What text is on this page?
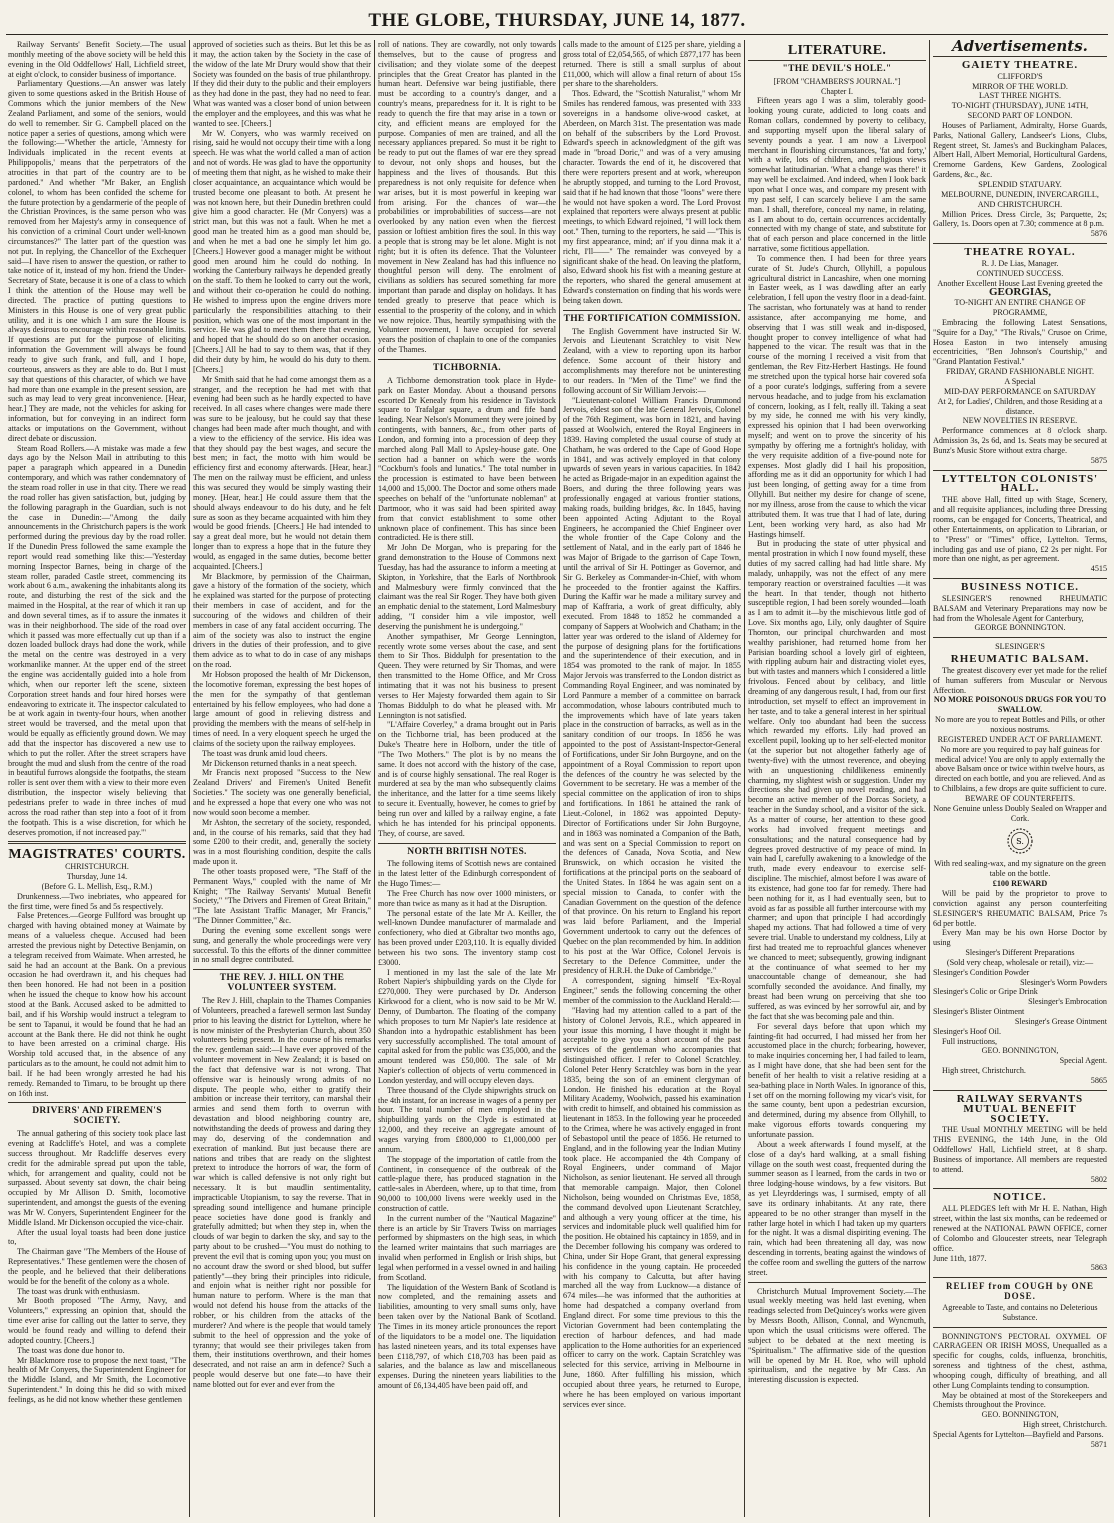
THE GLOBE, THURSDAY, JUNE 14, 1877.

Railway Servants' Benefit Society.—The usual monthly meeting of the above society will be held this evening in the Old Oddfellows' Hall, Lichfield street, at eight o'clock, to consider business of importance.

Parliamentary Questions.—An answer was lately given to some questions asked in the British House of Commons which the junior members of the New Zealand Parliament, and some of the seniors, would do well to remember. Sir G. Campbell placed on the notice paper a series of questions, among which were the following:—"Whether the article, 'Amnesty for Individuals implicated in the recent events at Philippopolis,' means that the perpetrators of the atrocities in that part of the country are to be pardoned." And whether "Mr Baker, an English colonel, to whom has been confided the scheme for the future protection by a gendarmerie of the people of the Christian Provinces, is the same person who was removed from her Majesty's army in consequence of his conviction of a criminal Court under well-known circumstances?" The latter part of the question was not put. In replying, the Chancellor of the Exchequer said—I have risen to answer the question, or rather to take notice of it, instead of my hon. friend the Under-Secretary of State, because it is one of a class to which I think the attention of the House may well be directed. The practice of putting questions to Ministers in this House is one of very great public utility, and it is one which I am sure the House is always desirous to encourage within reasonable limits. If questions are put for the purpose of eliciting information the Government will always be found ready to give such frank, and full, and I hope, courteous, answers as they are able to do. But I must say that questions of this character, of which we have had more than one example in the present session, are such as may lead to very great inconvenience. [Hear, hear.] They are made, not the vehicles for asking for information, but for conveying in an indirect form attacks or imputations on the Government, without direct debate or discussion.

Steam Road Rollers.—A mistake was made a few days ago by the Nelson Mail in attributing to this paper a paragraph which appeared in a Dunedin contemporary, and which was rather condemnatory of the steam road roller in use in that city. There we read the road roller has given satisfaction, but, judging by the following paragraph in the Guardian, such is not the case in Dunedin:—"Among the daily announcements in the Christchurch papers is the work performed during the previous day by the road roller. If the Dunedin Press followed the same example the report would read something like this:—'Yesterday morning Inspector Barnes, being in charge of the steam roller, paraded Castle street, commencing its work about 6 a.m., awakening the inhabitants along its route, and disturbing the rest of the sick and the maimed in the Hospital, at the rear of which it ran up and down several times, as if to assure the inmates it was in their neighborhood. The side of the road over which it passed was more effectually cut up than if a dozen loaded bullock drays had done the work, while the metal on the centre was destroyed in a very workmanlike manner. At the upper end of the street the engine was accidentally guided into a hole from which, when our reporter left the scene, sixteen Corporation street hands and four hired horses were endeavoring to extricate it. The inspector calculated to be at work again in twenty-four hours, when another street would be traversed, and the metal upon that would be equally as efficiently ground down. We may add that the inspector has discovered a new use to which to put the roller. After the street scrapers have brought the mud and slush from the centre of the road in beautiful furrows alongside the footpaths, the steam roller is sent over them with a view to their more even distribution, the inspector wisely believing that pedestrians prefer to wade in three inches of mud across the road rather than step into a foot of it from the footpath. This is a wise discretion, for which he deserves promotion, if not increased pay.'"

MAGISTRATES' COURTS.
CHRISTCHURCH.
Thursday, June 14.
(Before G. L. Mellish, Esq., R.M.)

Drunkenness.—Two inebriates, who appeared for the first time, were fined 5s and 5s respectively.

False Pretences.—George Fullford was brought up charged with having obtained money at Waimate by means of a valueless cheque. Accused had been arrested the previous night by Detective Benjamin, on a telegram received from Waimate. When arrested, he said he had an account at the Bank. On a previous occasion he had overdrawn it, and his cheques had then been honored. He had not been in a position when he issued the cheque to know how his account stood at the Bank. Accused asked to be admitted to bail, and if his Worship would instruct a telegram to be sent to Tapanui, it would be found that he had an account at the Bank there. He did not think he ought to have been arrested on a criminal charge. His Worship told accused that, in the absence of any particulars as to the amount, he could not admit him to bail. If he had been wrongly arrested he had his remedy. Remanded to Timaru, to be brought up there on 16th inst.

DRIVERS' AND FIREMEN'S SOCIETY.

The annual gathering of this society took place last evening at Radcliffe's Hotel, and was a complete success throughout. Mr Radcliffe deserves every credit for the admirable spread put upon the table, which, for arrangement and quality, could not be surpassed. About seventy sat down, the chair being occupied by Mr Allison D. Smith, locomotive superintendent, and amongst the guests of the evening was Mr W. Conyers, Superintendent Engineer for the Middle Island. Mr Dickenson occupied the vice-chair.

After the usual loyal toasts had been done justice to,

The Chairman gave "The Members of the House of Representatives." These gentlemen were the chosen of the people, and he believed that their deliberations would be for the benefit of the colony as a whole.

The toast was drunk with enthusiasm.

Mr Booth proposed "The Army, Navy, and Volunteers," expressing an opinion that, should the time ever arise for calling out the latter to serve, they would be found ready and willing to defend their adopted country. [Cheers.]

The toast was done due honor to.

Mr Blackmore rose to propose the next toast, "The health of Mr Conyers, the Superintendent Engineer for the Middle Island, and Mr Smith, the Locomotive Superintendent." In doing this he did so with mixed feelings, as he did not know whether these gentlemen

approved of societies such as theirs. But let this be as it may, the action taken by the Society in the case of the widow of the late Mr Drury would show that their Society was founded on the basis of true philanthropy. If they did their duty to the public and their employers as they had done in the past, they had no need to fear. What was wanted was a closer bond of union between the employer and the employees, and this was what he wanted to see. [Cheers.]

Mr W. Conyers, who was warmly received on rising, said he would not occupy their time with a long speech. He was what the world called a man of action and not of words. He was glad to have the opportunity of meeting them that night, as he wished to make their closer acquaintance, an acquaintance which would be trusted become one pleasant to both. At present he was not known here, but their Dunedin brethren could give him a good character. He (Mr Conyers) was a strict man, but this was not a fault. When he met a good man he treated him as a good man should be, and when he met a bad one he simply let him go. [Cheers.] However good a manager might be without good men around him he could do nothing. In working the Canterbury railways he depended greatly on the staff. To them he looked to carry out the work, and without their co-operation he could do nothing. He wished to impress upon the engine drivers more particularly the responsibilities attaching to their position, which was one of the most important in the service. He was glad to meet them there that evening, and hoped that he should do so on another occasion. [Cheers.] All he had to say to them was, that if they did their duty by him, he would do his duty to them. [Cheers.]

Mr Smith said that he had come amongst them as a stranger, and the reception he had met with that evening had been such as he hardly expected to have received. In all cases where changes were made there was sure to be jealousy, but he could say that these changes had been made after much thought, and with a view to the efficiency of the service. His idea was that they should pay the best wages, and secure the best men; in fact, the motto with him would be efficiency first and economy afterwards. [Hear, hear.] The men on the railway must be efficient, and unless this was secured they would be simply wasting their money. [Hear, hear.] He could assure them that the should always endeavour to do his duty, and he felt sure as soon as they became acquainted with him they would be good friends. [Cheers.] He had intended to say a great deal more, but he would not detain them longer than to express a hope that in the future they would, as engaged in the same duties, become better acquainted. [Cheers.]

Mr Blackmore, by permission of the Chairman, gave a history of the formation of the society, which he explained was started for the purpose of protecting their members in case of accident, and for the succouring of the widows and children of their members in case of any fatal accident occurring. The aim of the society was also to instruct the engine drivers in the duties of their profession, and to give them advice as to what to do in case of any mishaps on the road.

Mr Hobson proposed the health of Mr Dickenson, the locomotive foreman, expressing the best hopes of the men for the sympathy of that gentleman entertained by his fellow employees, who had done a large amount of good in relieving distress and providing the members with the means of self-help in times of need. In a very eloquent speech he urged the claims of the society upon the railway employees.

The toast was drunk amid loud cheers.

Mr Dickenson returned thanks in a neat speech.

Mr Francis next proposed "Success to the New Zealand Drivers' and Firemen's United Benefit Societies." The society was one generally beneficial, and he expressed a hope that every one who was not now would soon become a member.

Mr Ashton, the secretary of the society, responded, and, in the course of his remarks, said that they had some £200 to their credit, and, generally the society was in a most flourishing condition, despite the calls made upon it.

The other toasts proposed were, "The Staff of the Permanent Ways," coupled with the name of Mr Knight; "The Railway Servants' Mutual Benefit Society," "The Drivers and Firemen of Great Britain," "The late Assistant Traffic Manager, Mr Francis," "The Dinner Committee," &c.

During the evening some excellent songs were sung, and generally the whole proceedings were very successful. To this the efforts of the dinner committee in no small degree contributed.

THE REV. J. HILL ON THE VOLUNTEER SYSTEM.

The Rev J. Hill, chaplain to the Thames Companies of Volunteers, preached a farewell sermon last Sunday prior to his leaving the district for Lyttelton, where he is now minister of the Presbyterian Church, about 350 volunteers being present. In the course of his remarks the rev. gentleman said:—I have ever approved of the volunteer movement in New Zealand; it is based on the fact that defensive war is not wrong. That offensive war is heinously wrong admits of no dispute. The people who, either to gratify their ambition or increase their territory, can marshal their armies and send them forth to overrun with devastation and blood neighboring country are, notwithstanding the deeds of prowess and daring they may do, deserving of the condemnation and execration of mankind. But just because there are nations and tribes that are ready on the slightest pretext to introduce the horrors of war, the form of war which is called defensive is not only right but necessary. It is but maudlin sentimentality, impracticable Utopianism, to say the reverse. That in spreading sound intelligence and humane principle peace societies have done good is frankly and gratefully admitted; but when they step in, when the clouds of war begin to darken the sky, and say to the party about to be crushed—"You must do nothing to prevent the evil that is coming upon you; you must on no account draw the sword or shed blood, but suffer patiently"—they bring their principles into ridicule, and enjoin what is neither right nor possible for human nature to perform. Where is the man that would not defend his house from the attacks of the robber, or his children from the attacks of the murderer? And where is the people that would tamely submit to the heel of oppression and the yoke of tyranny; that would see their privileges taken from them, their institutions overthrown, and their homes desecrated, and not raise an arm in defence? Such a people would deserve but one fate—to have their name blotted out for ever and ever from the

roll of nations. They are cowardly, not only towards themselves, but to the cause of progress and civilisation; and they violate some of the deepest principles that the Great Creator has planted in the human heart. Defensive war being justifiable, there must be according to a country's danger, and a country's means, preparedness for it. It is right to be ready to quench the fire that may arise in a town or city, and efficient means are employed for the purpose. Companies of men are trained, and all the necessary appliances prepared. So must it be right to be ready to put out the flames of war ere they spread to devour, not only shops and houses, but the happiness and the lives of thousands. But this preparedness is not only requisite for defence when war arises, but it is most powerful in keeping war from arising. For the chances of war—the probabilities or improbabilities of success—are not overlooked by any nation even when the fiercest passion or loftiest ambition fires the soul. In this way a people that is strong may be let alone. Might is not right; but it is often its defence. That the Volunteer movement in New Zealand has had this influence no thoughtful person will deny. The enrolment of civilians as soldiers has secured something far more important than parade and display on holidays. It has tended greatly to preserve that peace which is essential to the prosperity of the colony, and in which we now rejoice. Thus, heartily sympathising with the Volunteer movement, I have occupied for several years the position of chaplain to one of the companies of the Thames.

TICHBORNIA.

A Tichborne demonstration took place in Hyde-park on Easter Monday. About a thousand persons escorted Dr Kenealy from his residence in Tavistock square to Trafalgar square, a drum and fife band leading. Near Nelson's Monument they were joined by contingents, with banners, &c., from other parts of London, and forming into a procession of deep they marched along Pall Mall to Apsley-house gate. One section had a banner on which were the words "Cockburn's fools and lunatics." The total number in the procession is estimated to have been between 14,000 and 15,000. The Doctor and some others made speeches on behalf of the "unfortunate nobleman" at Dartmoor, who it was said had been spirited away from that convict establishment to some other unknown place of confinement. This has since been contradicted. He is there still.

Mr John De Morgan, who is preparing for the grand demonstration to the House of Commons next Tuesday, has had the assurance to inform a meeting at Skipton, in Yorkshire, that the Earls of Northbrook and Malmesbury were firmly convinced that the claimant was the real Sir Roger. They have both given an emphatic denial to the statement, Lord Malmesbury adding, "I consider him a vile impostor, well deserving the punishment he is undergoing."

Another sympathiser, Mr George Lennington, recently wrote some verses about the case, and sent them to Sir Thos. Biddulph for presentation to the Queen. They were returned by Sir Thomas, and were then transmitted to the Home Office, and Mr Cross intimating that it was not his business to present verses to Her Majesty forwarded them again to Sir Thomas Biddulph to do what he pleased with. Mr Lennington is not satisfied.

"L'Affaire Coverley," a drama brought out in Paris on the Tichborne trial, has been produced at the Duke's Theatre here in Holborn, under the title of "The Two Mothers." The plot is by no means the same. It does not accord with the history of the case, and is of course highly sensational. The real Roger is murdered at sea by the man who subsequently claims the inheritance, and the latter for a time seems likely to secure it. Eventually, however, he comes to grief by being run over and killed by a railway engine, a fate which he has intended for his principal opponents. They, of course, are saved.

NORTH BRITISH NOTES.

The following items of Scottish news are contained in the latest letter of the Edinburgh correspondent of the Hugo Times:—

The Free Church has now over 1000 ministers, or more than twice as many as it had at the Disruption.

The personal estate of the late Mr A. Keiller, the well-known Dundee manufacturer of marmalade and confectionery, who died at Gibraltar two months ago, has been proved under £203,110. It is equally divided between his two sons. The inventory stamp cost £3000.

I mentioned in my last the sale of the late Mr Robert Napier's shipbuilding yards on the Clyde for £270,000. They were purchased by Dr. Anderson Kirkwood for a client, who is now said to be Mr W. Denny, of Dumbarton. The floating of the company which proposes to turn Mr Napier's late residence at Shandon into a hydropathic establishment has been very successfully accomplished. The total amount of capital asked for from the public was £35,000, and the amount tendered was £50,000. The sale of Mr Napier's collection of objects of vertu commenced in London yesterday, and will occupy eleven days.

Three thousand of the Clyde shipwrights struck on the 4th instant, for an increase in wages of a penny per hour. The total number of men employed in the shipbuilding yards on the Clyde is estimated at 12,000, and they receive an aggregate amount of wages varying from £800,000 to £1,000,000 per annum.

The stoppage of the importation of cattle from the Continent, in consequence of the outbreak of the cattle-plague there, has produced stagnation in the cattle-sales in Aberdeen, where, up to that time, from 90,000 to 100,000 livens were weekly used in the construction of cattle.

In the current number of the "Nautical Magazine" there is an article by Sir Travers Twiss on marriages performed by shipmasters on the high seas, in which the learned writer maintains that such marriages are invalid when performed in English or Irish ships, but legal when performed in a vessel owned in and hailing from Scotland.

The liquidation of the Western Bank of Scotland is now completed, and the remaining assets and liabilities, amounting to very small sums only, have been taken over by the National Bank of Scotland. The Times in its money article pronounces the report of the liquidators to be a model one. The liquidation has lasted nineteen years, and its total expenses have been £118,797, of which £18,703 has been paid as salaries, and the balance as law and miscellaneous expenses. During the nineteen years liabilities to the amount of £6,134,405 have been paid off, and

calls made to the amount of £125 per share, yielding a gross total of £2,054,565, of which £877,177 has been returned. There is still a small surplus of about £11,000, which will allow a final return of about 15s per share to the shareholders.

Thos. Edward, the "Scottish Naturalist," whom Mr Smiles has rendered famous, was presented with 333 sovereigns in a handsome olive-wood casket, at Aberdeen, on March 31st. The presentation was made on behalf of the subscribers by the Lord Provost. Edward's speech in acknowledgment of the gift was made in "broad Doric," and was of a very amusing character. Towards the end of it, he discovered that there were reporters present and at work, whereupon he abruptly stopped, and turning to the Lord Provost, said that if he had known that those "loons" were there he would not have spoken a word. The Lord Provost explained that reporters were always present at public meetings, to which Edward rejoined, "I will lock them oot." Then, turning to the reporters, he said —"This is my first appearance, mind; an' if you dinna mak it a' richt, I'll——" The remainder was conveyed by a significant shake of the head. On leaving the platform, also, Edward shook his fist with a meaning gesture at the reporters, who shared the general amusement at Edward's consternation on finding that his words were being taken down.

THE FORTIFICATION COMMISSION.

The English Government have instructed Sir W. Jervois and Lieutenant Scratchley to visit New Zealand, with a view to reporting upon its harbor defence. Some account of their history and accomplishments may therefore not be uninteresting to our readers. In "Men of the Time" we find the following account of Sir William Jervois:—

"Lieutenant-colonel William Francis Drummond Jervois, eldest son of the late General Jervois, Colonel of the 76th Regiment, was born in 1821, and having passed at Woolwich, entered the Royal Engineers in 1839. Having completed the usual course of study at Chatham, he was ordered to the Cape of Good Hope in 1841, and was actively employed in that colony upwards of seven years in various capacities. In 1842 he acted as Brigade-major in an expedition against the Boers, and during the three following years was professionally engaged at various frontier stations, making roads, building bridges, &c. In 1845, having been appointed Acting Adjutant to the Royal Engineers, he accompanied the Chief Engineer over the whole frontier of the Cape Colony and the settlement of Natal, and in the early part of 1846 he was Major of Brigade to the garrison of Cape Town, until the arrival of Sir H. Pottinger as Governor, and Sir G. Berkeley as Commander-in-Chief, with whom he proceeded to the frontier against the Kaffirs. During the Kaffir war he made a military survey and map of Kaffraria, a work of great difficulty, ably executed. From 1848 to 1852 he commanded a company of Sappers at Woolwich and Chatham; in the latter year was ordered to the island of Alderney for the purpose of designing plans for the fortifications and the superintendence of their execution, and in 1854 was promoted to the rank of major. In 1855 Major Jervois was transferred to the London district as Commanding Royal Engineer, and was nominated by Lord Panmure a member of a committee on barrack accommodation, whose labours contributed much to the improvements which have of late years taken place in the construction of barracks, as well as in the sanitary condition of our troops. In 1856 he was appointed to the post of Assistant-Inspector-General of Fortifications, under Sir John Burgoyne, and on the appointment of a Royal Commission to report upon the defences of the country he was selected by the Government to be secretary. He was a member of the special committee on the application of iron to ships and fortifications. In 1861 he attained the rank of Lieut.-Colonel, in 1862 was appointed Deputy-Director of Fortifications under Sir John Burgoyne, and in 1863 was nominated a Companion of the Bath, and was sent on a Special Commission to report on the defences of Canada, Nova Scotia, and New Brunswick, on which occasion he visited the fortifications at the principal ports on the seaboard of the United States. In 1864 he was again sent on a special mission to Canada, to confer with the Canadian Government on the question of the defence of that province. On his return to England his report was laid before Parliament, and the Imperial Government undertook to carry out the defences of Quebec on the plan recommended by him. In addition to his post at the War Office, Colonel Jervois is Secretary to the Defence Committee, under the presidency of H.R.H. the Duke of Cambridge."

A correspondent, signing himself "Ex-Royal Engineer," sends the following concerning the other member of the commission to the Auckland Herald:—

"Having had my attention called to a part of the history of Colonel Jervois, R.E., which appeared in your issue this morning, I have thought it might be acceptable to give you a short account of the past services of the gentleman who accompanies that distinguished officer. I refer to Colonel Scratchley. Colonel Peter Henry Scratchley was born in the year 1835, being the son of an eminent clergyman of London. He finished his education at the Royal Military Academy, Woolwich, passed his examination with credit to himself, and obtained his commission as lieutenant in 1853. In the following year he proceeded to the Crimea, where he was actively engaged in front of Sebastopol until the peace of 1856. He returned to England, and in the following year the Indian Mutiny took place. He accompanied the 4th Company of Royal Engineers, under command of Major Nicholson, as senior lieutenant. He served all through that memorable campaign. Major, then Colonel Nicholson, being wounded on Christmas Eve, 1858, the command devolved upon Lieutenant Scratchley, and although a very young officer at the time, his services and indomitable pluck well qualified him for the position. He obtained his captaincy in 1859, and in the December following his company was ordered to China, under Sir Hope Grant, that general expressing his confidence in the young captain. He proceeded with his company to Calcutta, but after having marched all the way from Lucknow—a distance of 674 miles—he was informed that the authorities at home had despatched a company overland from England direct. For some time previous to this the Victorian Government had been contemplating the erection of harbour defences, and had made application to the Home authorities for an experienced officer to carry on the work. Captain Scratchley was selected for this service, arriving in Melbourne in June, 1860. After fulfilling his mission, which occupied about three years, he returned to Europe, where he has been employed on various important services ever since.

LITERATURE.
"THE DEVIL'S HOLE."
[FROM "CHAMBERS'S JOURNAL."]
Chapter I.

Fifteen years ago I was a slim, tolerably good-looking young curate, addicted to long coats and Roman collars, condemned by poverty to celibacy, and supporting myself upon the liberal salary of seventy pounds a year. I am now a Liverpool merchant in flourishing circumstances, 'fat and forty,' with a wife, lots of children, and religious views somewhat latitudinarian. 'What a change was there!' it may well be exclaimed. And indeed, when I look back upon what I once was, and compare my present with my past self, I can scarcely believe I am the same man. I shall, therefore, conceal my name, in relating, as I am about to do, certain occurrences accidentally connected with my change of state, and substitute for that of each person and place concerned in the little narrative, some fictitious appellation.

To commence then. I had been for three years curate of St. Jude's Church, Ollyhill, a populous agricultural district in Lancashire, when one morning in Easter week, as I was dawdling after an early celebration, I fell upon the vestry floor in a dead-faint. The sacristan, who fortunately was at hand to render assistance, after accompanying me home, and observing that I was still weak and in-disposed, thought proper to convey intelligence of what had happened to the vicar. The result was that in the course of the morning I received a visit from that gentleman, the Rev Fitz-Herbert Hastings. He found me stretched upon the typical horse hair covered sofa of a poor curate's lodgings, suffering from a severe nervous headache, and to judge from his exclamation of concern, looking, as I felt, really ill. Taking a seat by my side, he conned me with his very kindly, expressed his opinion that I had been overworking myself; and went on to prove the sincerity of his sympathy by offering me a fortnight's holiday, with the very requisite addition of a five-pound note for expenses. Most gladly did I hail his proposition, affording me as it did an opportunity for which I had just been longing, of getting away for a time from Ollyhill. But neither my desire for change of scene, nor my illness, arose from the cause to which the vicar attributed them. It was true that I had of late, during Lent, been working very hard, as also had Mr Hastings himself.

But in producing the state of utter physical and mental prostration in which I now found myself, these duties of my sacred calling had had little share. My malady, unhappily, was not the effect of any mere temporary reaction or overstrained faculties —it was the heart. In that tender, though not hitherto susceptible region, I had been sorely wounded—loath as I am to admit it—by the mischievous little god of Love. Six months ago, Lily, only daughter of Squire Thornton, our principal churchwarden and most wealthy parishioner, had returned home from her Parisian boarding school a lovely girl of eighteen, with rippling auburn hair and distracting violet eyes, but with tastes and manners which I considered a little frivolous. Fenced about by celibacy, and little dreaming of any dangerous result, I had, from our first introduction, set myself to effect an improvement in her taste, and to take a general interest in her spiritual welfare. Only too abundant had been the success which rewarded my efforts. Lily had proved an excellent pupil, looking up to her self-elected monitor (at the superior but not altogether fatherly age of twenty-five) with the utmost reverence, and obeying with an unquestioning childlikeness eminently charming, my slightest wish or suggestion. Under my directions she had given up novel reading, and had become an active member of the Dorcas Society, a teacher in the Sunday school, and a visitor of the sick. As a matter of course, her attention to these good works had involved frequent meetings and consultations; and the natural consequence had by degrees proved destructive of my peace of mind. In vain had I, carefully awakening to a knowledge of the truth, made every endeavour to exercise self-discipline. The mischief, almost before I was aware of its existence, had gone too far for remedy. There had been nothing for it, as I had eventually seen, but to avoid as far as possible all further intercourse with my charmer; and upon that principle I had accordingly shaped my actions. That had followed a time of very severe trial. Unable to understand my coldness, Lily at first had treated me to reproachful glances whenever we chanced to meet; subsequently, growing indignant at the continuance of what seemed to her my unaccountable change of demeanour, she had scornfully seconded the avoidance. And finally, my breast had been wrung on perceiving that she too suffered, as was evinced by her sorrowful air, and by the fact that she was becoming pale and thin.

For several days before that upon which my fainting-fit had occurred, I had missed her from her accustomed place in the church; forbearing, however, to make inquiries concerning her, I had failed to learn, as I might have done, that she had been sent for the benefit of her health to visit a relative residing at a sea-bathing place in North Wales. In ignorance of this, I set off on the morning following my vicar's visit, for the same county, bent upon a pedestrian excursion, and determined, during my absence from Ollyhill, to make vigorous efforts towards conquering my unfortunate passion.

About a week afterwards I found myself, at the close of a day's hard walking, at a small fishing village on the south west coast, frequented during the summer season as I learned, from the cards in two or three lodging-house windows, by a few visitors. But as yet Lleyrdderings was, I surmised, empty of all save its ordinary inhabitants. At any rate, there appeared to be no other stranger than myself in the rather large hotel in which I had taken up my quarters for the night. It was a dismal dispiriting evening. The rain, which had been threatening all day, was now descending in torrents, beating against the windows of the coffee room and swelling the gutters of the narrow street.

Christchurch Mutual Improvement Society.—The usual weekly meeting was held last evening, when readings selected from DeQuincey's works were given by Messrs Booth, Allison, Connal, and Wyncmuth, upon which the usual criticisms were offered. The subject to be debated at the next meeting is "Spiritualism." The affirmative side of the question will be opened by Mr H. Roe, who will uphold spiritualism, and the negative by Mr Cass. An interesting discussion is expected.

Advertisements.
GAIETY THEATRE.

CLIFFORD'S

MIRROR OF THE WORLD.

LAST THREE NIGHTS.

TO-NIGHT (THURSDAY), JUNE 14TH,

SECOND PART OF LONDON.

Houses of Parliament, Admiralty, Horse Guards, Parks, National Gallery, Landseer's Lions, Clubs, Regent street, St. James's and Buckingham Palaces, Albert Hall, Albert Memorial, Horticultural Gardens, Cremorne Gardens, Kew Gardens, Zoological Gardens, &c., &c.

SPLENDID STATUARY.

MELBOURNE, DUNEDIN, INVERCARGILL, AND CHRISTCHURCH.

Million Prices. Dress Circle, 3s; Parquette, 2s; Gallery, 1s. Doors open at 7.30; commence at 8 p.m.

5876

THEATRE ROYAL.

R. J. De Lias, Manager.

CONTINUED SUCCESS.

Another Excellent House Last Evening greeted the

GEORGIAS,

TO-NIGHT AN ENTIRE CHANGE OF PROGRAMME,

Embracing the following Latest Sensations, "Squire for a Day," "The Rivals," Crusoe on Crime, Hosea Easton in two intensely amusing eccentricities, "Ben Johnson's Courtship," and "Grand Plantation Festival."

FRIDAY, GRAND FASHIONABLE NIGHT.

A Special

MID-DAY PERFORMANCE on SATURDAY

At 2, for Ladies', Children, and those Residing at a distance.

NEW NOVELTIES IN RESERVE.

Performance commences at 8 o'clock sharp. Admission 3s, 2s 6d, and 1s. Seats may be secured at Bunz's Music Store without extra charge.

5875

LYTTELTON COLONISTS' HALL.

THE above Hall, fitted up with Stage, Scenery, and all requisite appliances, including three Dressing rooms, can be engaged for Concerts, Theatrical, and other Entertainments, on application to Librarian, or to "Press" or "Times" office, Lyttelton. Terms, including gas and use of piano, £2 2s per night. For more than one night, as per agreement.

4515

BUSINESS NOTICE.

SLESINGER'S renowned RHEUMATIC BALSAM and Veterinary Preparations may now be had from the Wholesale Agent for Canterbury,

GEORGE BONNINGTON.

SLESINGER'S

RHEUMATIC BALSAM.

The greatest discovery ever yet made for the relief of human sufferers from Muscular or Nervous Affection.

NO MORE POISONOUS DRUGS FOR YOU TO SWALLOW.

No more are you to repeat Bottles and Pills, or other noxious nostrums.

REGISTERED UNDER ACT OF PARLIAMENT.

No more are you required to pay half guineas for medical advice! You are only to apply externally the above Balsam once or twice within twelve hours, as directed on each bottle, and you are relieved. And as to Chilblains, a few drops are quite sufficient to cure.

BEWARE OF COUNTERFEITS.

None Genuine unless Doubly Sealed on Wrapper and Cork.

S.

With red sealing-wax, and my signature on the green table on the bottle.

£100 REWARD

Will be paid by the proprietor to prove to conviction against any person counterfeiting SLESINGER'S RHEUMATIC BALSAM, Price 7s 6d per bottle.

Every Man may be his own Horse Doctor by using

Slesinger's Different Preparations

(Sold very cheap, wholesale or retail), viz:—

Slesinger's Condition Powder

Slesinger's Worm Powders

Slesinger's Colic or Gripe Drink

Slesinger's Embrocation

Slesinger's Blister Ointment

Slesinger's Grease Ointment

Slesinger's Hoof Oil.

Full instructions,

GEO. BONNINGTON,

Special Agent.

High street, Christchurch.

5865

RAILWAY SERVANTS MUTUAL BENEFIT SOCIETY.

THE Usual MONTHLY MEETING will be held THIS EVENING, the 14th June, in the Old Oddfellows' Hall, Lichfield street, at 8 sharp. Business of importance. All members are requested to attend.

5802

NOTICE.

ALL PLEDGES left with Mr H. E. Nathan, High street, within the last six months, can be redeemed or renewed at the NATIONAL PAWN OFFICE, corner of Colombo and Gloucester streets, near Telegraph office.

June 11th, 1877.

5863

RELIEF from COUGH by ONE DOSE.

Agreeable to Taste, and contains no Deleterious Substance.

BONNINGTON'S PECTORAL OXYMEL OF CARRAGEEN OR IRISH MOSS, Unequalled as a specific for coughs, colds, influenza, bronchitis, soreness and tightness of the chest, asthma, whooping cough, difficulty of breathing, and all other Lung Complaints tending to consumption.

May be obtained at most of the Storekeepers and Chemists throughout the Province.

GEO. BONNINGTON,

High street, Christchurch.

Special Agents for Lyttelton—Bayfield and Parsons.

5871
